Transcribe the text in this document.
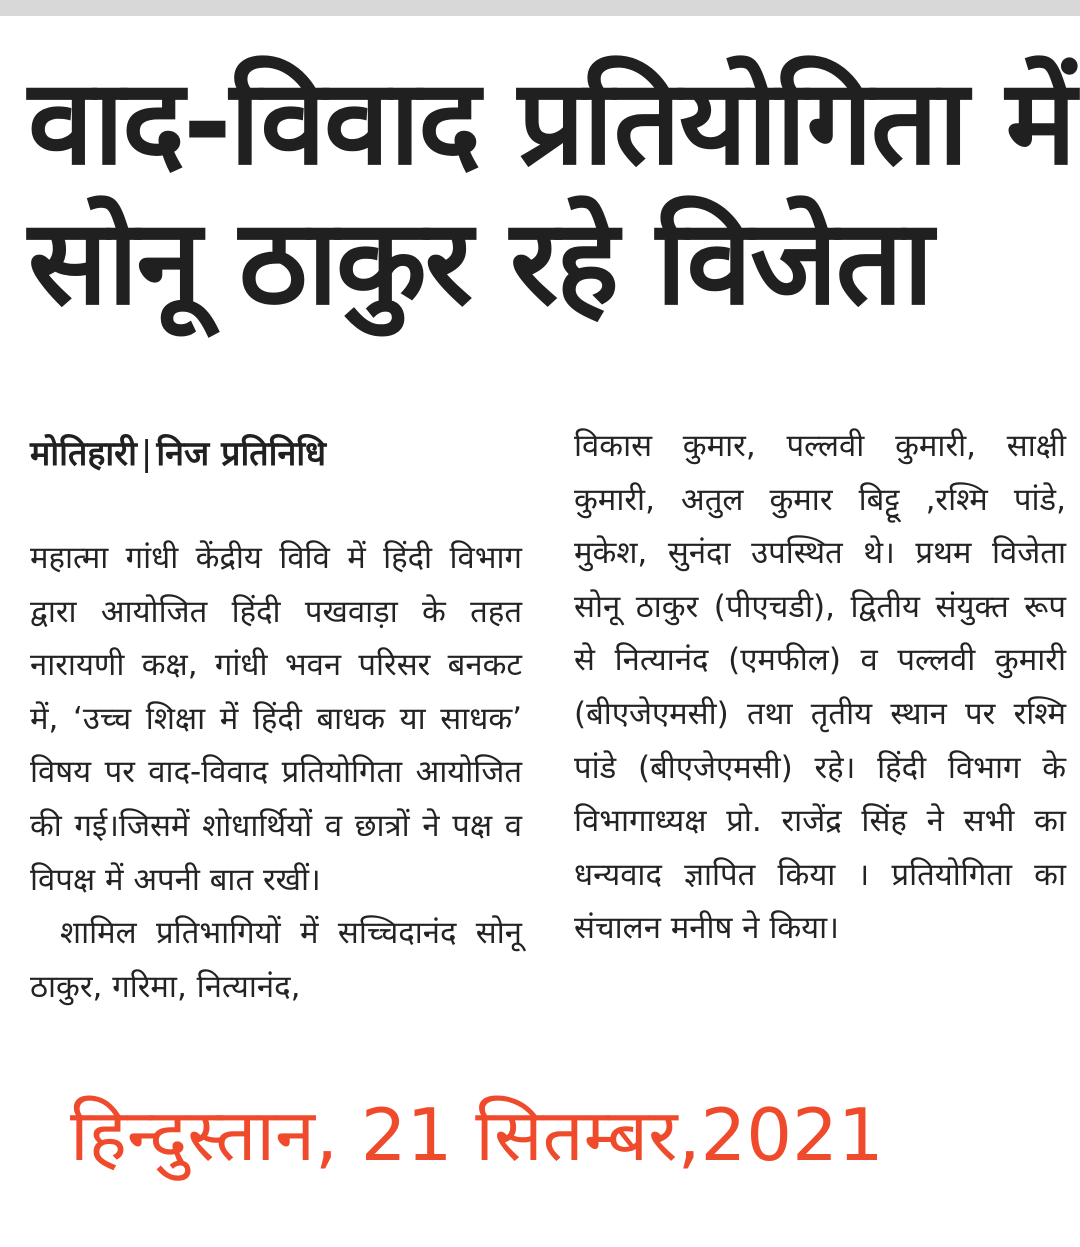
वाद-विवाद प्रतियोगिता में
सोनू ठाकुर रहे विजेता
मोतिहारी | निज प्रतिनिधि

महात्मा गांधी केंद्रीय विवि में हिंदी विभाग द्वारा आयोजित हिंदी पखवाड़ा के तहत नारायणी कक्ष, गांधी भवन परिसर बनकट में, ‘उच्च शिक्षा में हिंदी बाधक या साधक’ विषय पर वाद-विवाद प्रतियोगिता आयोजित की गई।जिसमें शोधार्थियों व छात्रों ने पक्ष व विपक्ष में अपनी बात रखीं।

शामिल प्रतिभागियों में सच्चिदानंद सोनू ठाकुर, गरिमा, नित्यानंद,

विकास कुमार, पल्लवी कुमारी, साक्षी कुमारी, अतुल कुमार बिट्टू ,रश्मि पांडे, मुकेश, सुनंदा उपस्थित थे। प्रथम विजेता सोनू ठाकुर (पीएचडी), द्वितीय संयुक्त रूप से नित्यानंद (एमफील) व पल्लवी कुमारी (बीएजेएमसी) तथा तृतीय स्थान पर रश्मि पांडे (बीएजेएमसी) रहे। हिंदी विभाग के विभागाध्यक्ष प्रो. राजेंद्र सिंह ने सभी का धन्यवाद ज्ञापित किया । प्रतियोगिता का संचालन मनीष ने किया।

हिन्दुस्तान, 21 सितम्बर,2021
